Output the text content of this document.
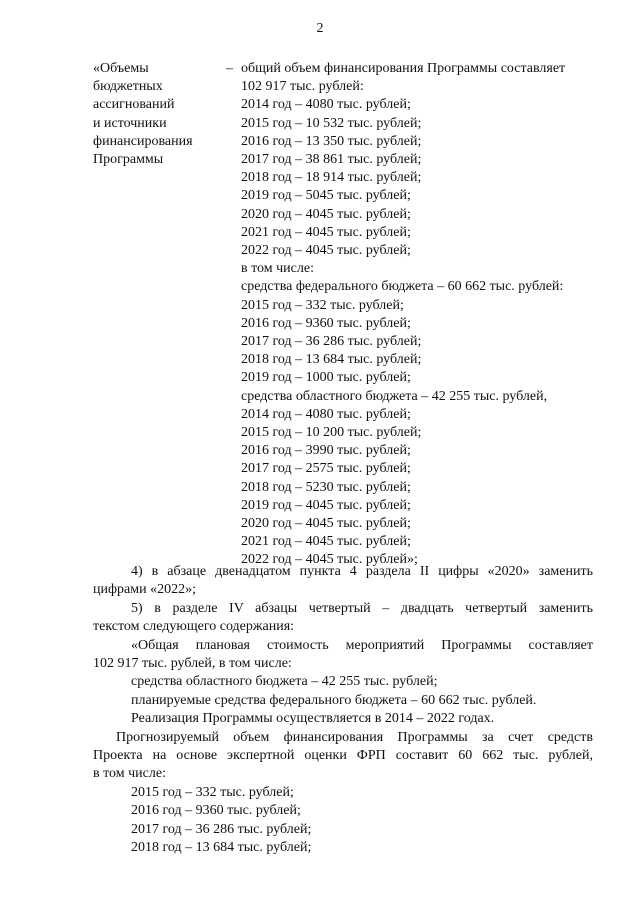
2
«Объемы
бюджетных
ассигнований
и источники
финансирования
Программы
– общий объем финансирования Программы составляет
102 917 тыс. рублей:
2014 год – 4080 тыс. рублей;
2015 год – 10 532 тыс. рублей;
2016 год – 13 350 тыс. рублей;
2017 год – 38 861 тыс. рублей;
2018 год – 18 914 тыс. рублей;
2019 год – 5045 тыс. рублей;
2020 год – 4045 тыс. рублей;
2021 год – 4045 тыс. рублей;
2022 год – 4045 тыс. рублей;
в том числе:
средства федерального бюджета – 60 662 тыс. рублей:
2015 год – 332 тыс. рублей;
2016 год – 9360 тыс. рублей;
2017 год – 36 286 тыс. рублей;
2018 год – 13 684 тыс. рублей;
2019 год – 1000 тыс. рублей;
средства областного бюджета – 42 255 тыс. рублей,
2014 год – 4080 тыс. рублей;
2015 год – 10 200 тыс. рублей;
2016 год – 3990 тыс. рублей;
2017 год – 2575 тыс. рублей;
2018 год – 5230 тыс. рублей;
2019 год – 4045 тыс. рублей;
2020 год – 4045 тыс. рублей;
2021 год – 4045 тыс. рублей;
2022 год – 4045 тыс. рублей»;
4) в абзаце двенадцатом пункта 4 раздела II цифры «2020» заменить
цифрами «2022»;
5) в разделе IV абзацы четвертый – двадцать четвертый заменить
текстом следующего содержания:
«Общая плановая стоимость мероприятий Программы составляет
102 917 тыс. рублей, в том числе:
средства областного бюджета – 42 255 тыс. рублей;
планируемые средства федерального бюджета – 60 662 тыс. рублей.
Реализация Программы осуществляется в 2014 – 2022 годах.
Прогнозируемый объем финансирования Программы за счет средств
Проекта на основе экспертной оценки ФРП составит 60 662 тыс. рублей,
в том числе:
2015 год – 332 тыс. рублей;
2016 год – 9360 тыс. рублей;
2017 год – 36 286 тыс. рублей;
2018 год – 13 684 тыс. рублей;
